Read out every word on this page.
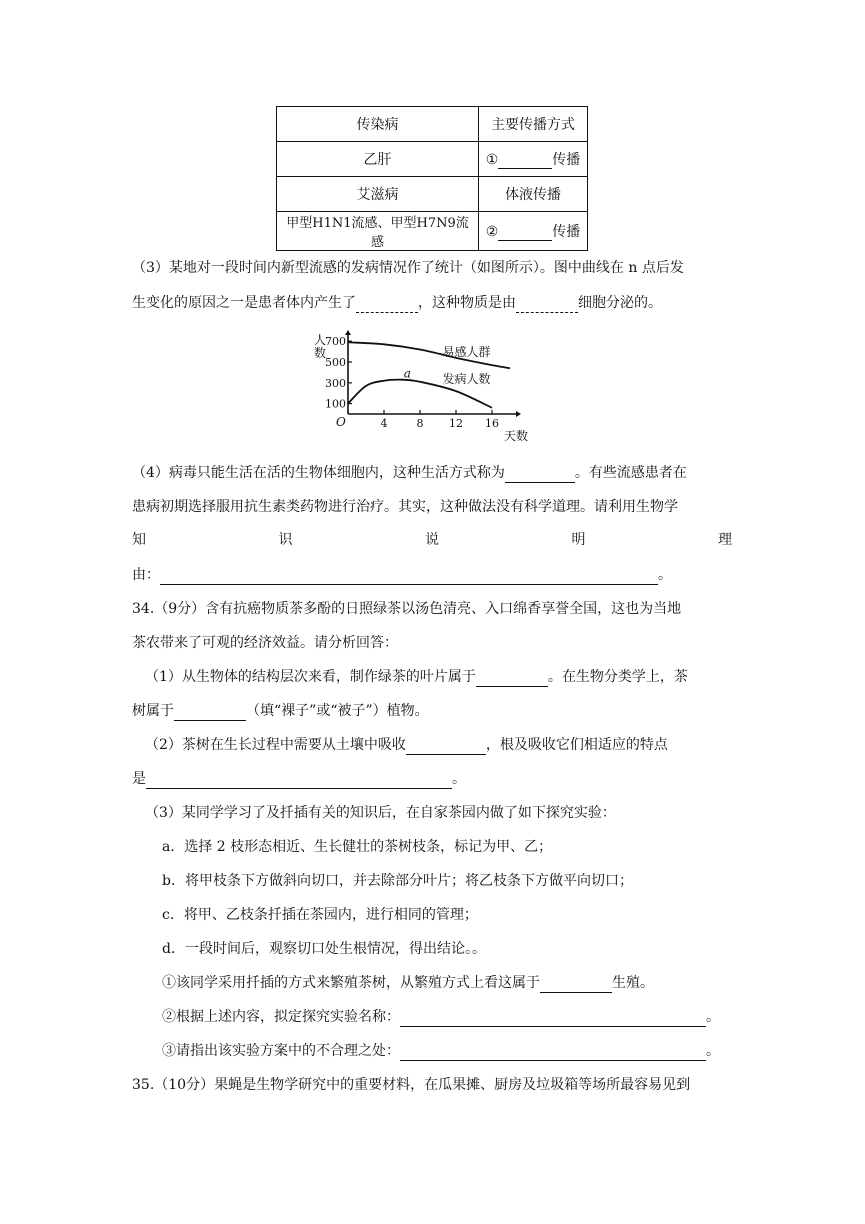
传染病	主要传播方式
乙肝	① 传播
艾滋病	体液传播
甲型H1N1流感、甲型H7N9流感	② 传播
（3）某地对一段时间内新型流感的发病情况作了统计（如图所示）。图中曲线在 n 点后发
生变化的原因之一是患者体内产生了	，这种物质是由	细胞分泌的。
4	8 12 16
100
300
500
700
易感人群
发病人数
a
O
人
数
天数
（4）病毒只能生活在活的生物体细胞内，这种生活方式称为	。有些流感患者在
患病初期选择服用抗生素类药物进行治疗。其实，这种做法没有科学道理。请利用生物学
知	识	说	明	理
由：	。
34.（9分）含有抗癌物质茶多酚的日照绿茶以汤色清亮、入口绵香享誉全国，这也为当地
茶农带来了可观的经济效益。请分析回答：
（1）从生物体的结构层次来看，制作绿茶的叶片属于	。在生物分类学上，茶
树属于	（填“裸子”或“被子”）植物。
（2）茶树在生长过程中需要从土壤中吸收	，根及吸收它们相适应的特点
是	。
（3）某同学学习了及扦插有关的知识后，在自家茶园内做了如下探究实验：
a．选择 2 枝形态相近、生长健壮的茶树枝条，标记为甲、乙；
b．将甲枝条下方做斜向切口，并去除部分叶片；将乙枝条下方做平向切口；
c．将甲、乙枝条扦插在茶园内，进行相同的管理；
d．一段时间后，观察切口处生根情况，得出结论。。
①该同学采用扦插的方式来繁殖茶树，从繁殖方式上看这属于	生殖。
②根据上述内容，拟定探究实验名称：	。
③请指出该实验方案中的不合理之处：	。
35.（10分）果蝇是生物学研究中的重要材料，在瓜果摊、厨房及垃圾箱等场所最容易见到
